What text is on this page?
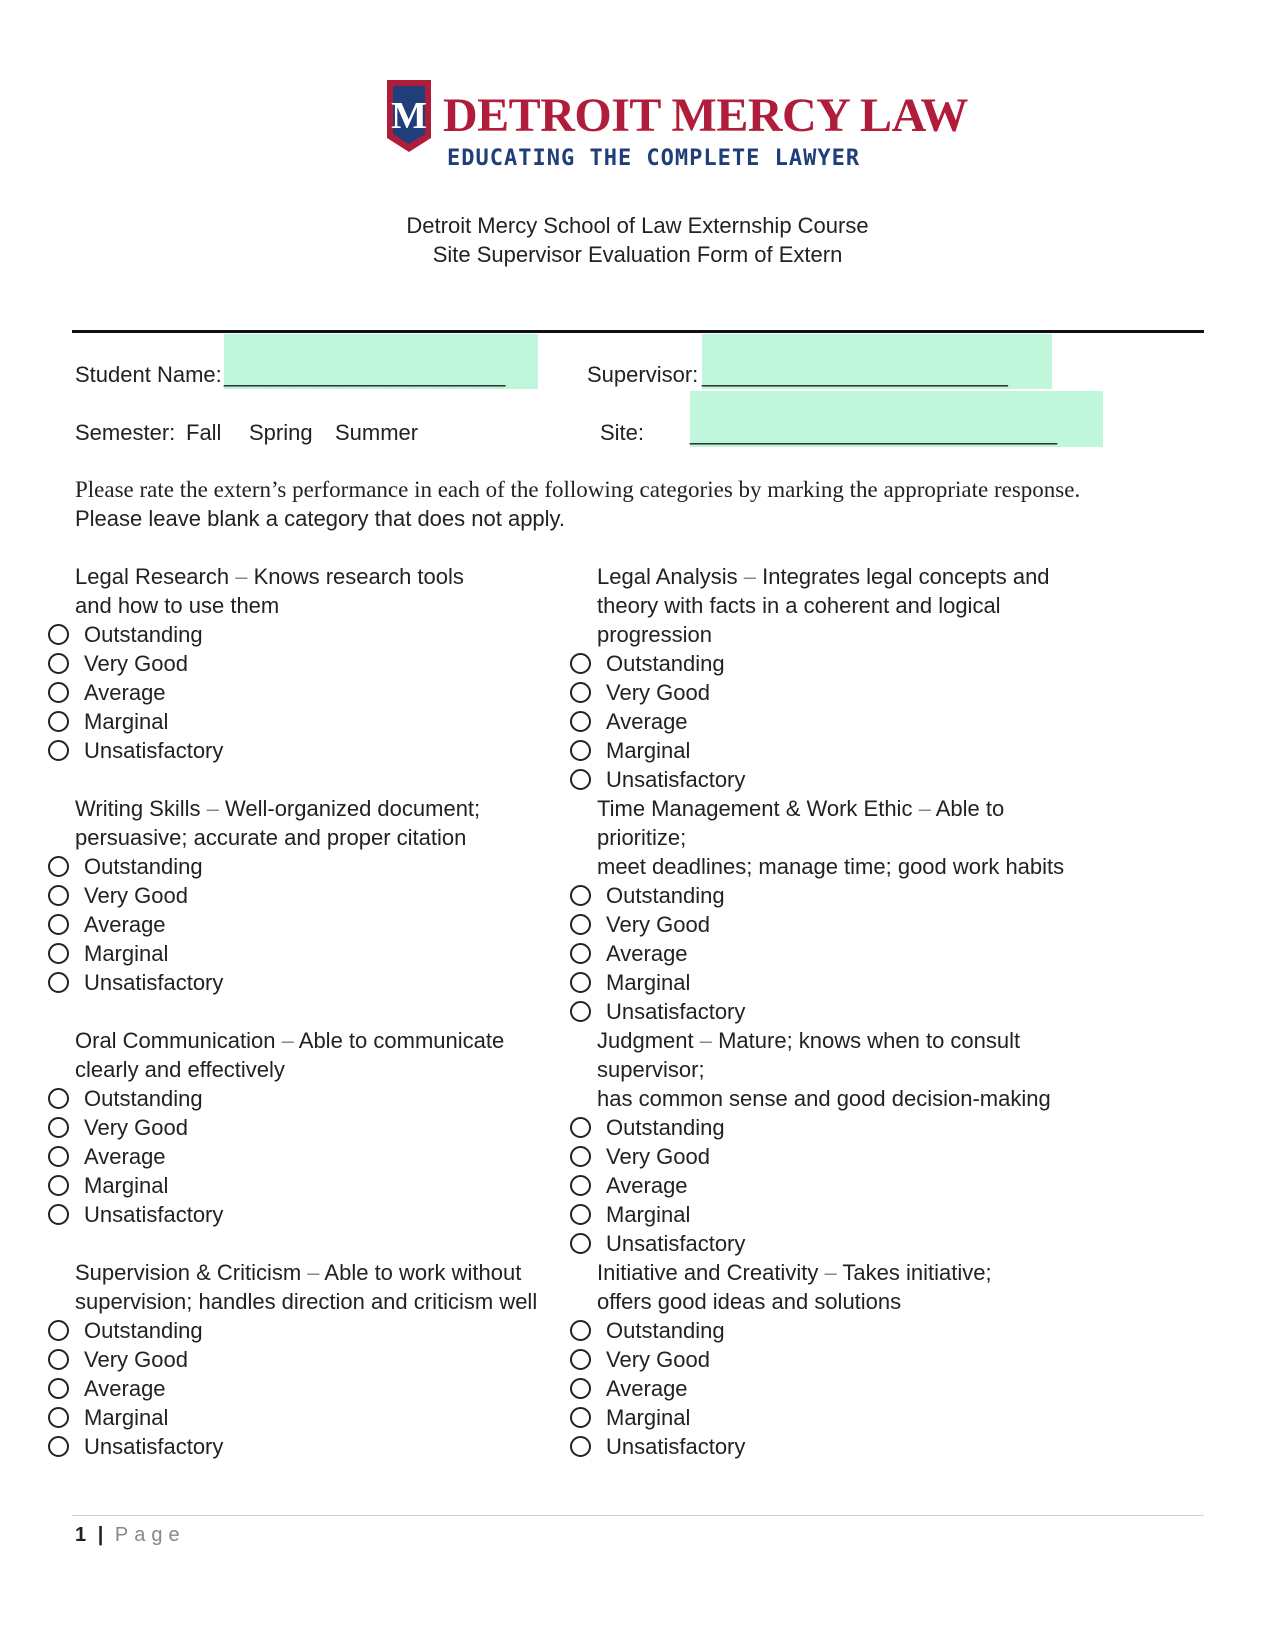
M DETROIT MERCY LAW
EDUCATING THE COMPLETE LAWYER
Detroit Mercy School of Law Externship Course
Site Supervisor Evaluation Form of Extern
Student Name: _______________________	Supervisor: _________________________
Semester: Fall Spring Summer	Site: ______________________________
Please rate the extern’s performance in each of the following categories by marking the appropriate response.
Please leave blank a category that does not apply.
Legal Research – Knows research tools
and how to use them
Outstanding
Very Good
Average
Marginal
Unsatisfactory
Legal Analysis – Integrates legal concepts and
theory with facts in a coherent and logical progression
Outstanding
Very Good
Average
Marginal
Unsatisfactory
Writing Skills – Well-organized document;
persuasive; accurate and proper citation
Outstanding
Very Good
Average
Marginal
Unsatisfactory
Time Management & Work Ethic – Able to prioritize;
meet deadlines; manage time; good work habits
Outstanding
Very Good
Average
Marginal
Unsatisfactory
Oral Communication – Able to communicate
clearly and effectively
Outstanding
Very Good
Average
Marginal
Unsatisfactory
Judgment – Mature; knows when to consult supervisor;
has common sense and good decision-making
Outstanding
Very Good
Average
Marginal
Unsatisfactory
Supervision & Criticism – Able to work without
supervision; handles direction and criticism well
Outstanding
Very Good
Average
Marginal
Unsatisfactory
Initiative and Creativity – Takes initiative;
offers good ideas and solutions
Outstanding
Very Good
Average
Marginal
Unsatisfactory
1 | Page
